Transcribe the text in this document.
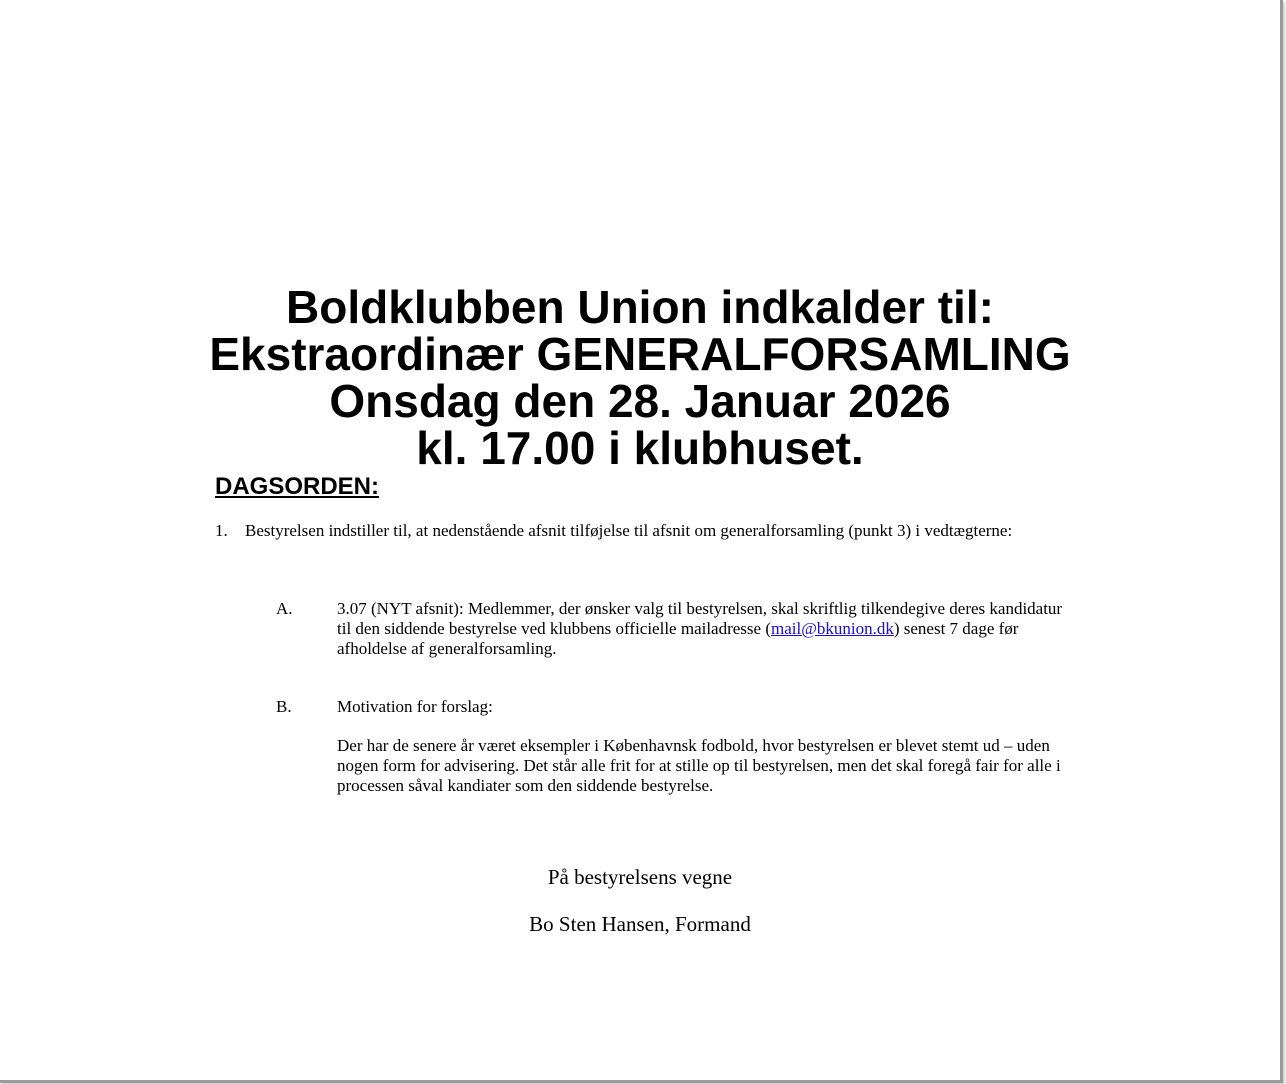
Boldklubben Union indkalder til:
Ekstraordinær GENERALFORSAMLING
Onsdag den 28. Januar 2026
kl. 17.00 i klubhuset.
DAGSORDEN:
1. Bestyrelsen indstiller til, at nedenstående afsnit tilføjelse til afsnit om generalforsamling (punkt 3) i vedtægterne:
A.	3.07 (NYT afsnit): Medlemmer, der ønsker valg til bestyrelsen, skal skriftlig tilkendegive deres kandidatur til den siddende bestyrelse ved klubbens officielle mailadresse (mail@bkunion.dk) senest 7 dage før afholdelse af generalforsamling.
B.	Motivation for forslag:
Der har de senere år været eksempler i Københavnsk fodbold, hvor bestyrelsen er blevet stemt ud – uden nogen form for advisering. Det står alle frit for at stille op til bestyrelsen, men det skal foregå fair for alle i processen såval kandiater som den siddende bestyrelse.
På bestyrelsens vegne
Bo Sten Hansen, Formand
